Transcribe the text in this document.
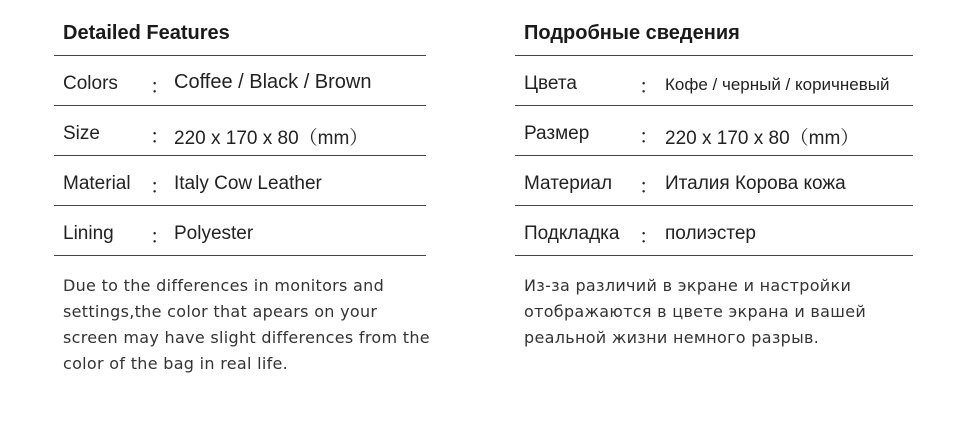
Detailed Features
Colors ： Coffee / Black / Brown
Size	： 220 x 170 x 80（mm）
Material ： Italy Cow Leather
Lining ： Polyester
Due to the differences in monitors and
settings,the color that apears on your
screen may have slight differences from the
color of the bag in real life.
Подробные сведения
Цвета	： Кофе / черный / коричневый
Размер ： 220 x 170 x 80（mm）
Материал ： Италия Корова кожа
Подкладка ： полиэстер
Из-за различий в экране и настройки
отображаются в цвете экрана и вашей
реальной жизни немного разрыв.
